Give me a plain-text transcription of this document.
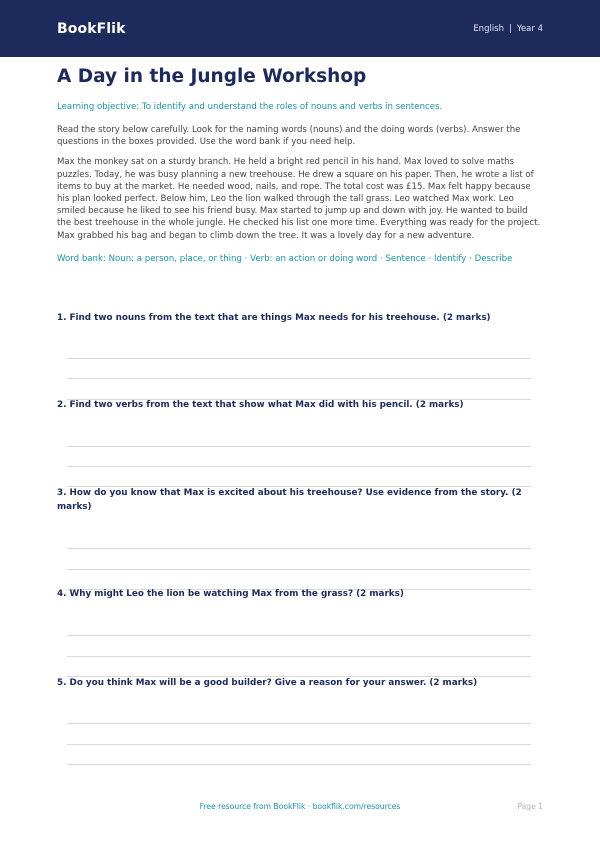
BookFlik	English | Year 4
A Day in the Jungle Workshop

Learning objective: To identify and understand the roles of nouns and verbs in sentences.

Read the story below carefully. Look for the naming words (nouns) and the doing words (verbs). Answer the questions in the boxes provided. Use the word bank if you need help.

Max the monkey sat on a sturdy branch. He held a bright red pencil in his hand. Max loved to solve maths puzzles. Today, he was busy planning a new treehouse. He drew a square on his paper. Then, he wrote a list of items to buy at the market. He needed wood, nails, and rope. The total cost was £15. Max felt happy because his plan looked perfect. Below him, Leo the lion walked through the tall grass. Leo watched Max work. Leo smiled because he liked to see his friend busy. Max started to jump up and down with joy. He wanted to build the best treehouse in the whole jungle. He checked his list one more time. Everything was ready for the project. Max grabbed his bag and began to climb down the tree. It was a lovely day for a new adventure.

Word bank: Noun: a person, place, or thing · Verb: an action or doing word · Sentence · Identify · Describe

1. Find two nouns from the text that are things Max needs for his treehouse. (2 marks)

2. Find two verbs from the text that show what Max did with his pencil. (2 marks)

3. How do you know that Max is excited about his treehouse? Use evidence from the story. (2 marks)

4. Why might Leo the lion be watching Max from the grass? (2 marks)

5. Do you think Max will be a good builder? Give a reason for your answer. (2 marks)

Free resource from BookFlik · bookflik.com/resources	Page 1
